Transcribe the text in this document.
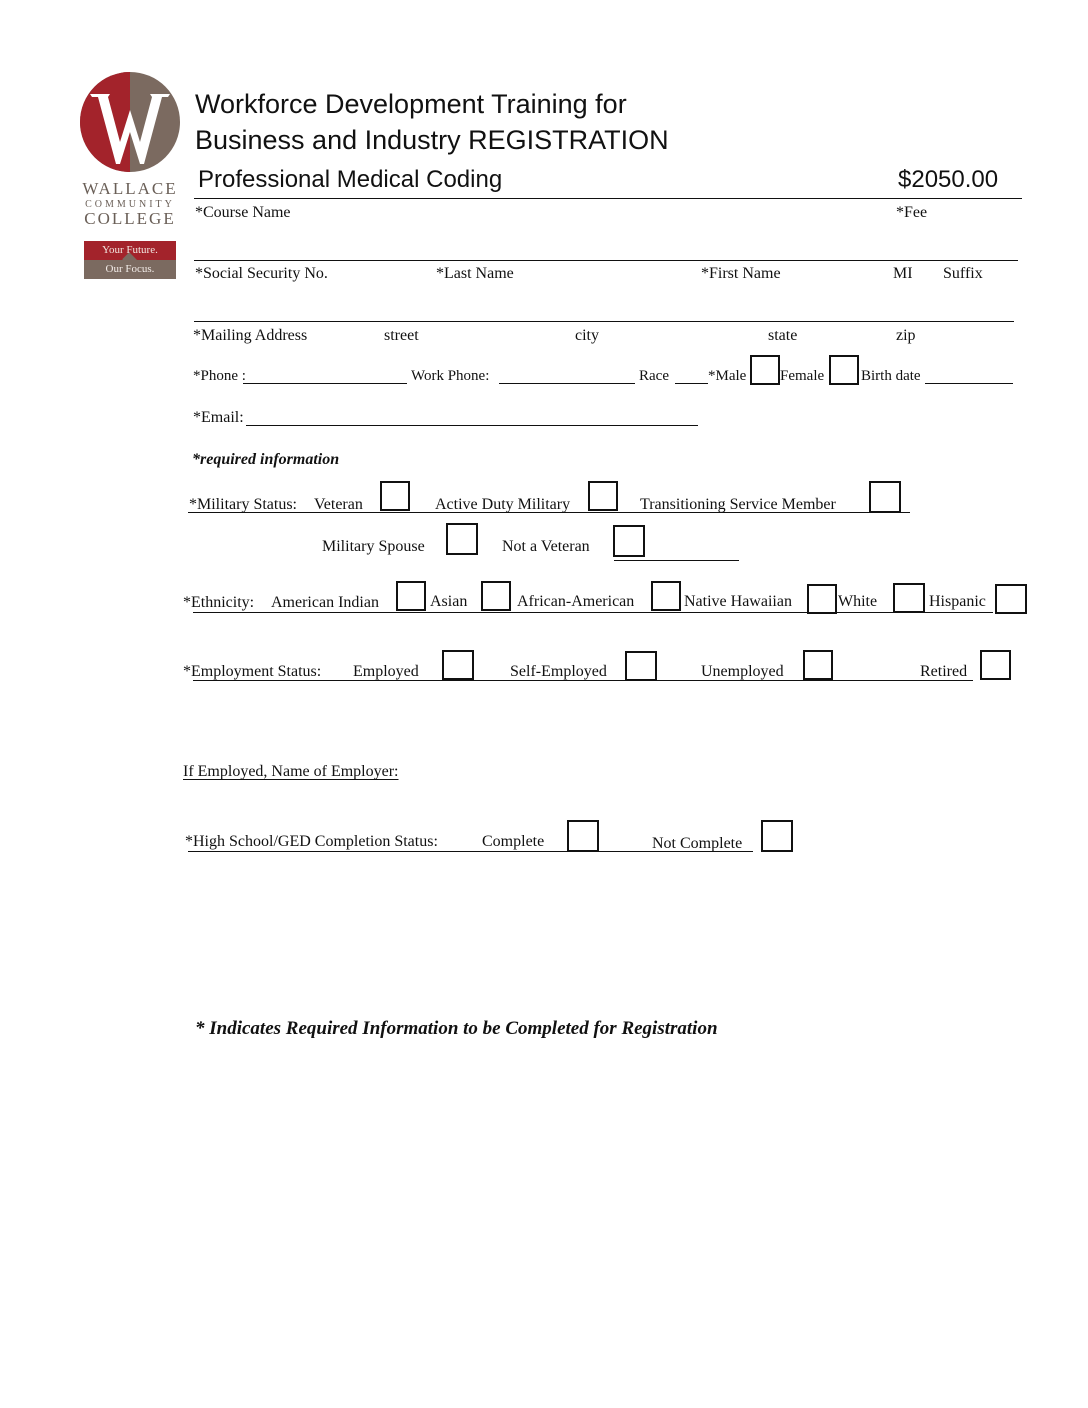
WALLACE
COMMUNITY
COLLEGE
Your Future.
Our Focus.
Workforce Development Training for
Business and Industry REGISTRATION
Professional Medical Coding	$2050.00
*Course Name	*Fee
*Social Security No.	*Last Name	*First Name	MI Suffix
*Mailing Address	street	city	state	zip
*Phone :	Work Phone:	Race	*Male Female Birth date
*Email:
*required information
*Military Status: Veteran	Active Duty Military	Transitioning Service Member
Military Spouse	Not a Veteran
*Ethnicity: American Indian	Asian	African-American	Native Hawaiian	White	Hispanic
*Employment Status: Employed	Self-Employed	Unemployed	Retired
If Employed, Name of Employer:
*High School/GED Completion Status:	Complete	Not Complete
* Indicates Required Information to be Completed for Registration
